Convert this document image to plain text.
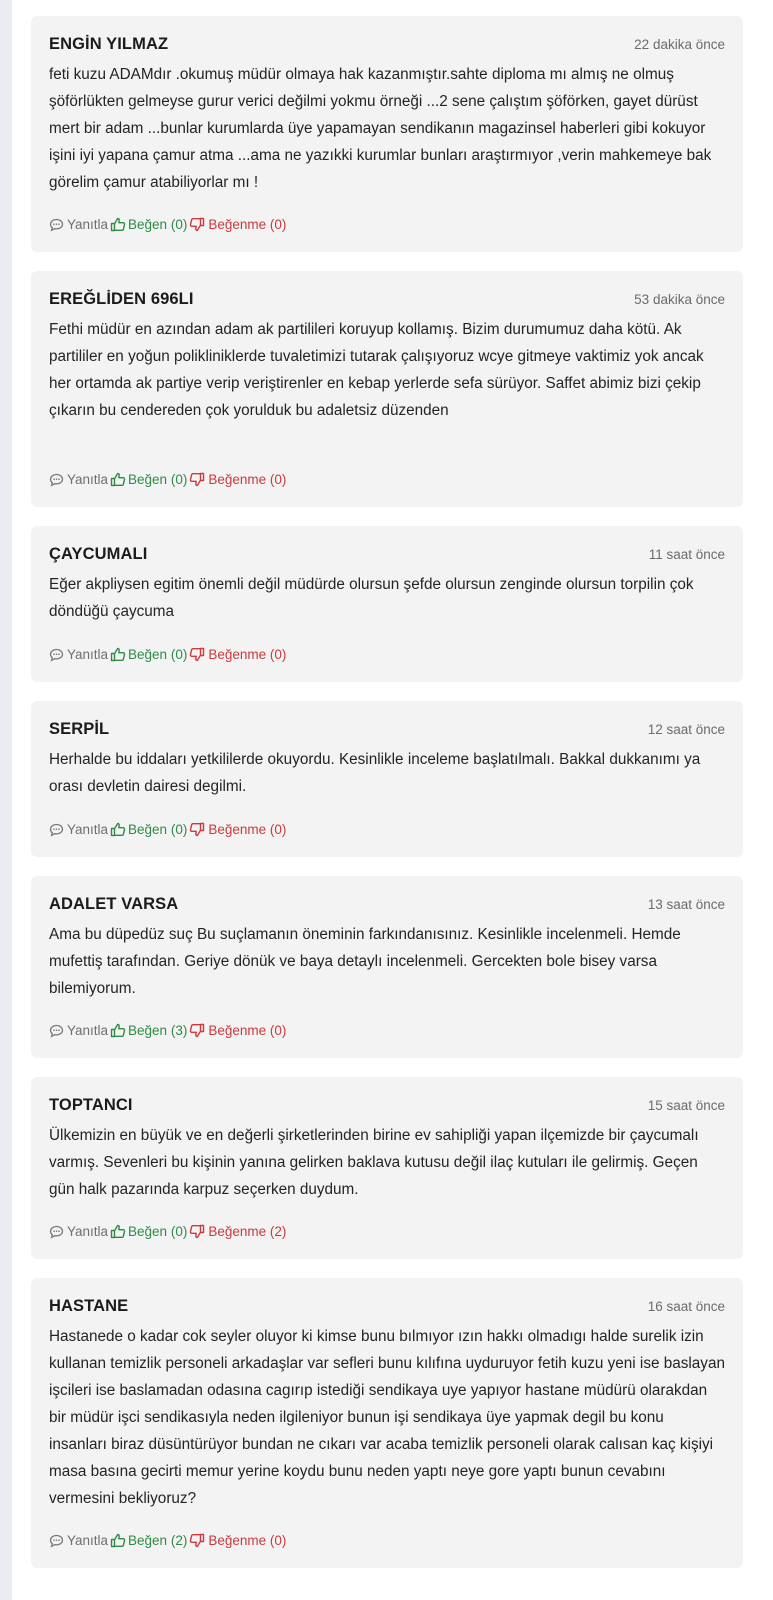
ENGİN YILMAZ	22 dakika önce
feti kuzu ADAMdır .okumuş müdür olmaya hak kazanmıştır.sahte diploma mı almış ne olmuş şöförlükten gelmeyse gurur verici değilmi yokmu örneği ...2 sene çalıştım şöförken, gayet dürüst mert bir adam ...bunlar kurumlarda üye yapamayan sendikanın magazinsel haberleri gibi kokuyor işini iyi yapana çamur atma ...ama ne yazıkki kurumlar bunları araştırmıyor ,verin mahkemeye bak görelim çamur atabiliyorlar mı !
Yanıtla Beğen
(0) Beğenme
(0)
EREĞLİDEN 696LI	53 dakika önce
Fethi müdür en azından adam ak partilileri koruyup kollamış. Bizim durumumuz daha kötü. Ak partililer en yoğun polikliniklerde tuvaletimizi tutarak çalışıyoruz wcye gitmeye vaktimiz yok ancak her ortamda ak partiye verip veriştirenler en kebap yerlerde sefa sürüyor. Saffet abimiz bizi çekip çıkarın bu cendereden çok yorulduk bu adaletsiz düzenden
Yanıtla Beğen
(0) Beğenme
(0)
ÇAYCUMALI	11 saat önce
Eğer akpliysen egitim önemli değil müdürde olursun şefde olursun zenginde olursun torpilin çok döndüğü çaycuma
Yanıtla Beğen
(0) Beğenme
(0)
SERPİL	12 saat önce
Herhalde bu iddaları yetkililerde okuyordu. Kesinlikle inceleme başlatılmalı. Bakkal dukkanımı ya orası devletin dairesi degilmi.
Yanıtla Beğen
(0) Beğenme
(0)
ADALET VARSA	13 saat önce
Ama bu düpedüz suç Bu suçlamanın öneminin farkındanısınız. Kesinlikle incelenmeli. Hemde mufettiş tarafından. Geriye dönük ve baya detaylı incelenmeli. Gercekten bole bisey varsa bilemiyorum.
Yanıtla Beğen
(3) Beğenme
(0)
TOPTANCI	15 saat önce
Ülkemizin en büyük ve en değerli şirketlerinden birine ev sahipliği yapan ilçemizde bir çaycumalı varmış. Sevenleri bu kişinin yanına gelirken baklava kutusu değil ilaç kutuları ile gelirmiş. Geçen gün halk pazarında karpuz seçerken duydum.
Yanıtla Beğen
(0) Beğenme
(2)
HASTANE	16 saat önce
Hastanede o kadar cok seyler oluyor ki kimse bunu bılmıyor ızın hakkı olmadıgı halde surelik izin kullanan temizlik personeli arkadaşlar var sefleri bunu kılıfına uyduruyor fetih kuzu yeni ise baslayan işcileri ise baslamadan odasına cagırıp istediği sendikaya uye yapıyor hastane müdürü olarakdan bir müdür işci sendikasıyla neden ilgileniyor bunun işi sendikaya üye yapmak degil bu konu insanları biraz düsüntürüyor bundan ne cıkarı var acaba temizlik personeli olarak calısan kaç kişiyi masa basına gecirti memur yerine koydu bunu neden yaptı neye gore yaptı bunun cevabını vermesini bekliyoruz?
Yanıtla Beğen
(2) Beğenme
(0)
